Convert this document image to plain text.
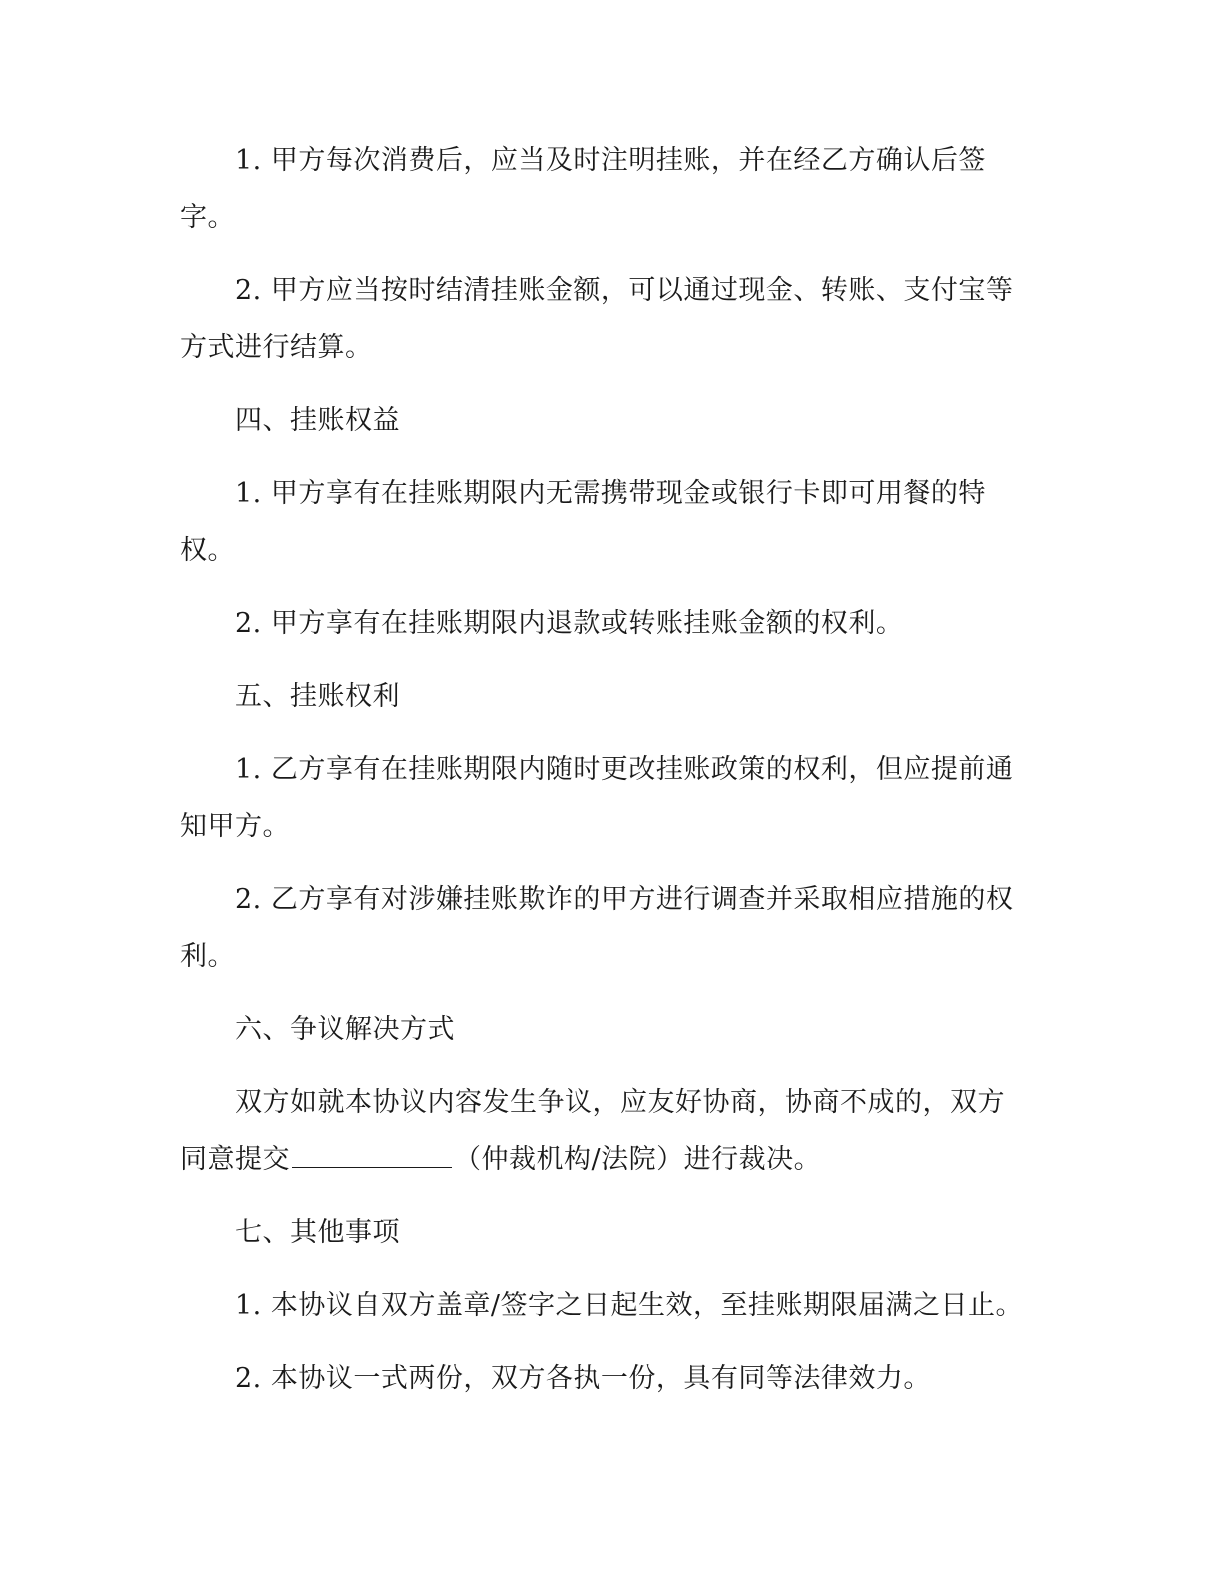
1. 甲方每次消费后，应当及时注明挂账，并在经乙方确认后签字。

2. 甲方应当按时结清挂账金额，可以通过现金、转账、支付宝等方式进行结算。

四、挂账权益

1. 甲方享有在挂账期限内无需携带现金或银行卡即可用餐的特权。

2. 甲方享有在挂账期限内退款或转账挂账金额的权利。

五、挂账权利

1. 乙方享有在挂账期限内随时更改挂账政策的权利，但应提前通知甲方。

2. 乙方享有对涉嫌挂账欺诈的甲方进行调查并采取相应措施的权利。

六、争议解决方式

双方如就本协议内容发生争议，应友好协商，协商不成的，双方同意提交	（仲裁机构/法院）进行裁决。

七、其他事项

1. 本协议自双方盖章/签字之日起生效，至挂账期限届满之日止。

2. 本协议一式两份，双方各执一份，具有同等法律效力。
